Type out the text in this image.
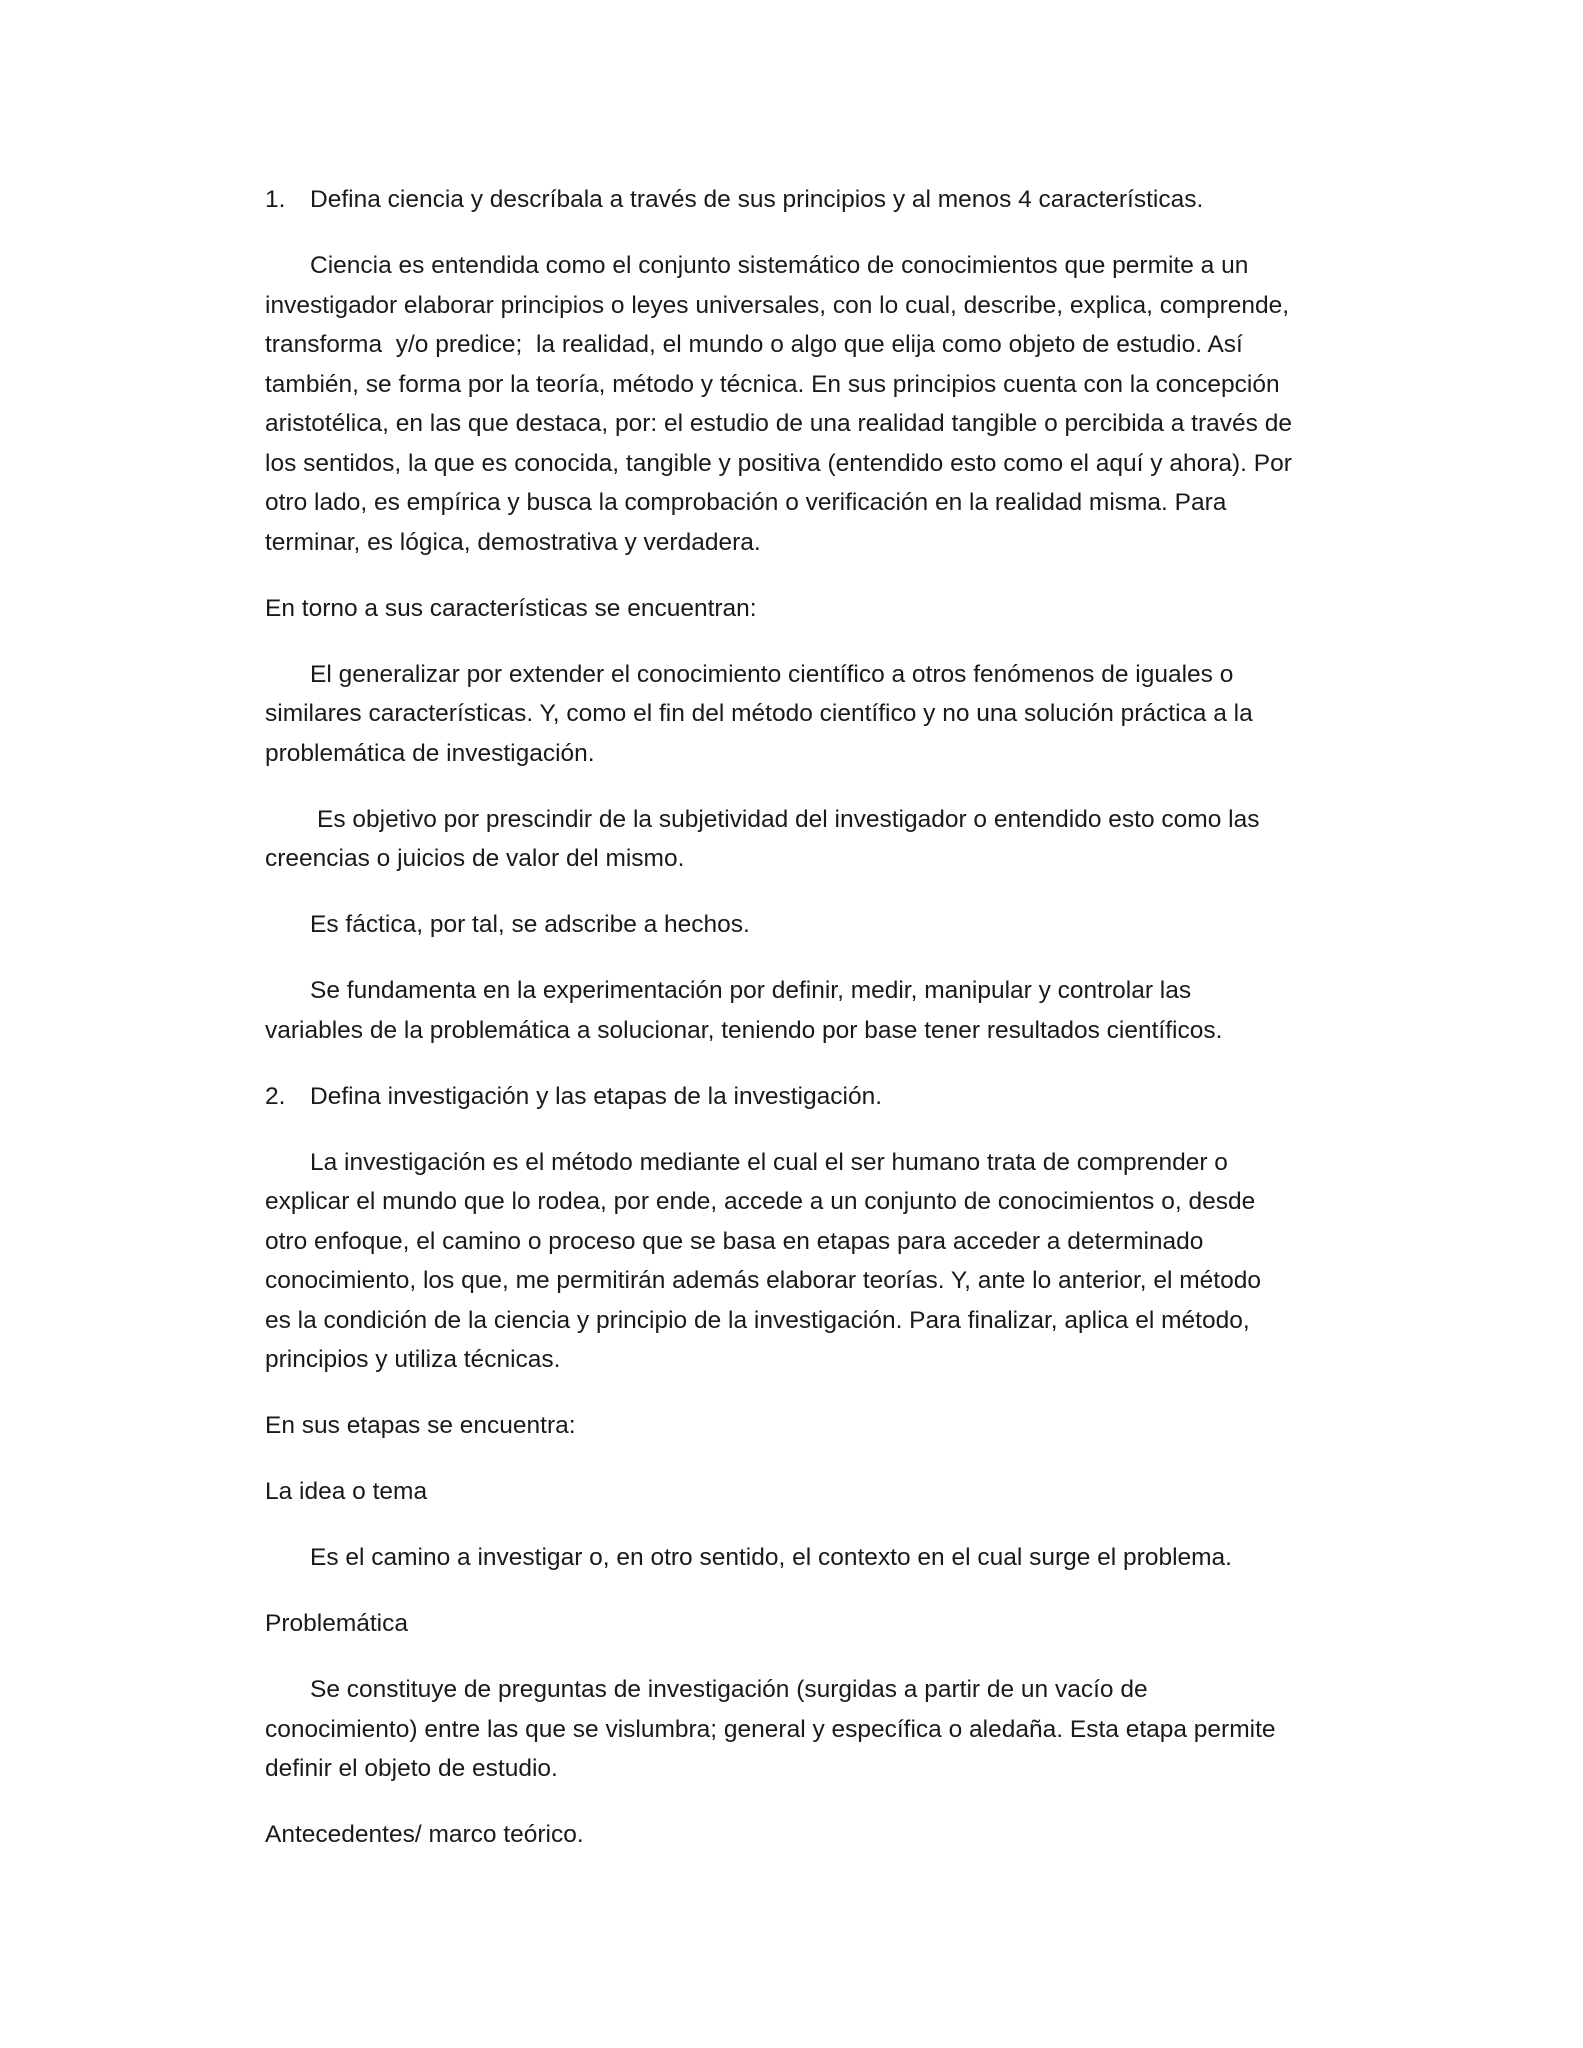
1. Defina ciencia y descríbala a través de sus principios y al menos 4 características.
Ciencia es entendida como el conjunto sistemático de conocimientos que permite a un
investigador elaborar principios o leyes universales, con lo cual, describe, explica, comprende,
transforma  y/o predice;  la realidad, el mundo o algo que elija como objeto de estudio. Así
también, se forma por la teoría, método y técnica. En sus principios cuenta con la concepción
aristotélica, en las que destaca, por: el estudio de una realidad tangible o percibida a través de
los sentidos, la que es conocida, tangible y positiva (entendido esto como el aquí y ahora). Por
otro lado, es empírica y busca la comprobación o verificación en la realidad misma. Para
terminar, es lógica, demostrativa y verdadera.
En torno a sus características se encuentran:
El generalizar por extender el conocimiento científico a otros fenómenos de iguales o
similares características. Y, como el fin del método científico y no una solución práctica a la
problemática de investigación.
Es objetivo por prescindir de la subjetividad del investigador o entendido esto como las
creencias o juicios de valor del mismo.
Es fáctica, por tal, se adscribe a hechos.
Se fundamenta en la experimentación por definir, medir, manipular y controlar las
variables de la problemática a solucionar, teniendo por base tener resultados científicos.
2. Defina investigación y las etapas de la investigación.
La investigación es el método mediante el cual el ser humano trata de comprender o
explicar el mundo que lo rodea, por ende, accede a un conjunto de conocimientos o, desde
otro enfoque, el camino o proceso que se basa en etapas para acceder a determinado
conocimiento, los que, me permitirán además elaborar teorías. Y, ante lo anterior, el método
es la condición de la ciencia y principio de la investigación. Para finalizar, aplica el método,
principios y utiliza técnicas.
En sus etapas se encuentra:
La idea o tema
Es el camino a investigar o, en otro sentido, el contexto en el cual surge el problema.
Problemática
Se constituye de preguntas de investigación (surgidas a partir de un vacío de
conocimiento) entre las que se vislumbra; general y específica o aledaña. Esta etapa permite
definir el objeto de estudio.
Antecedentes/ marco teórico.
